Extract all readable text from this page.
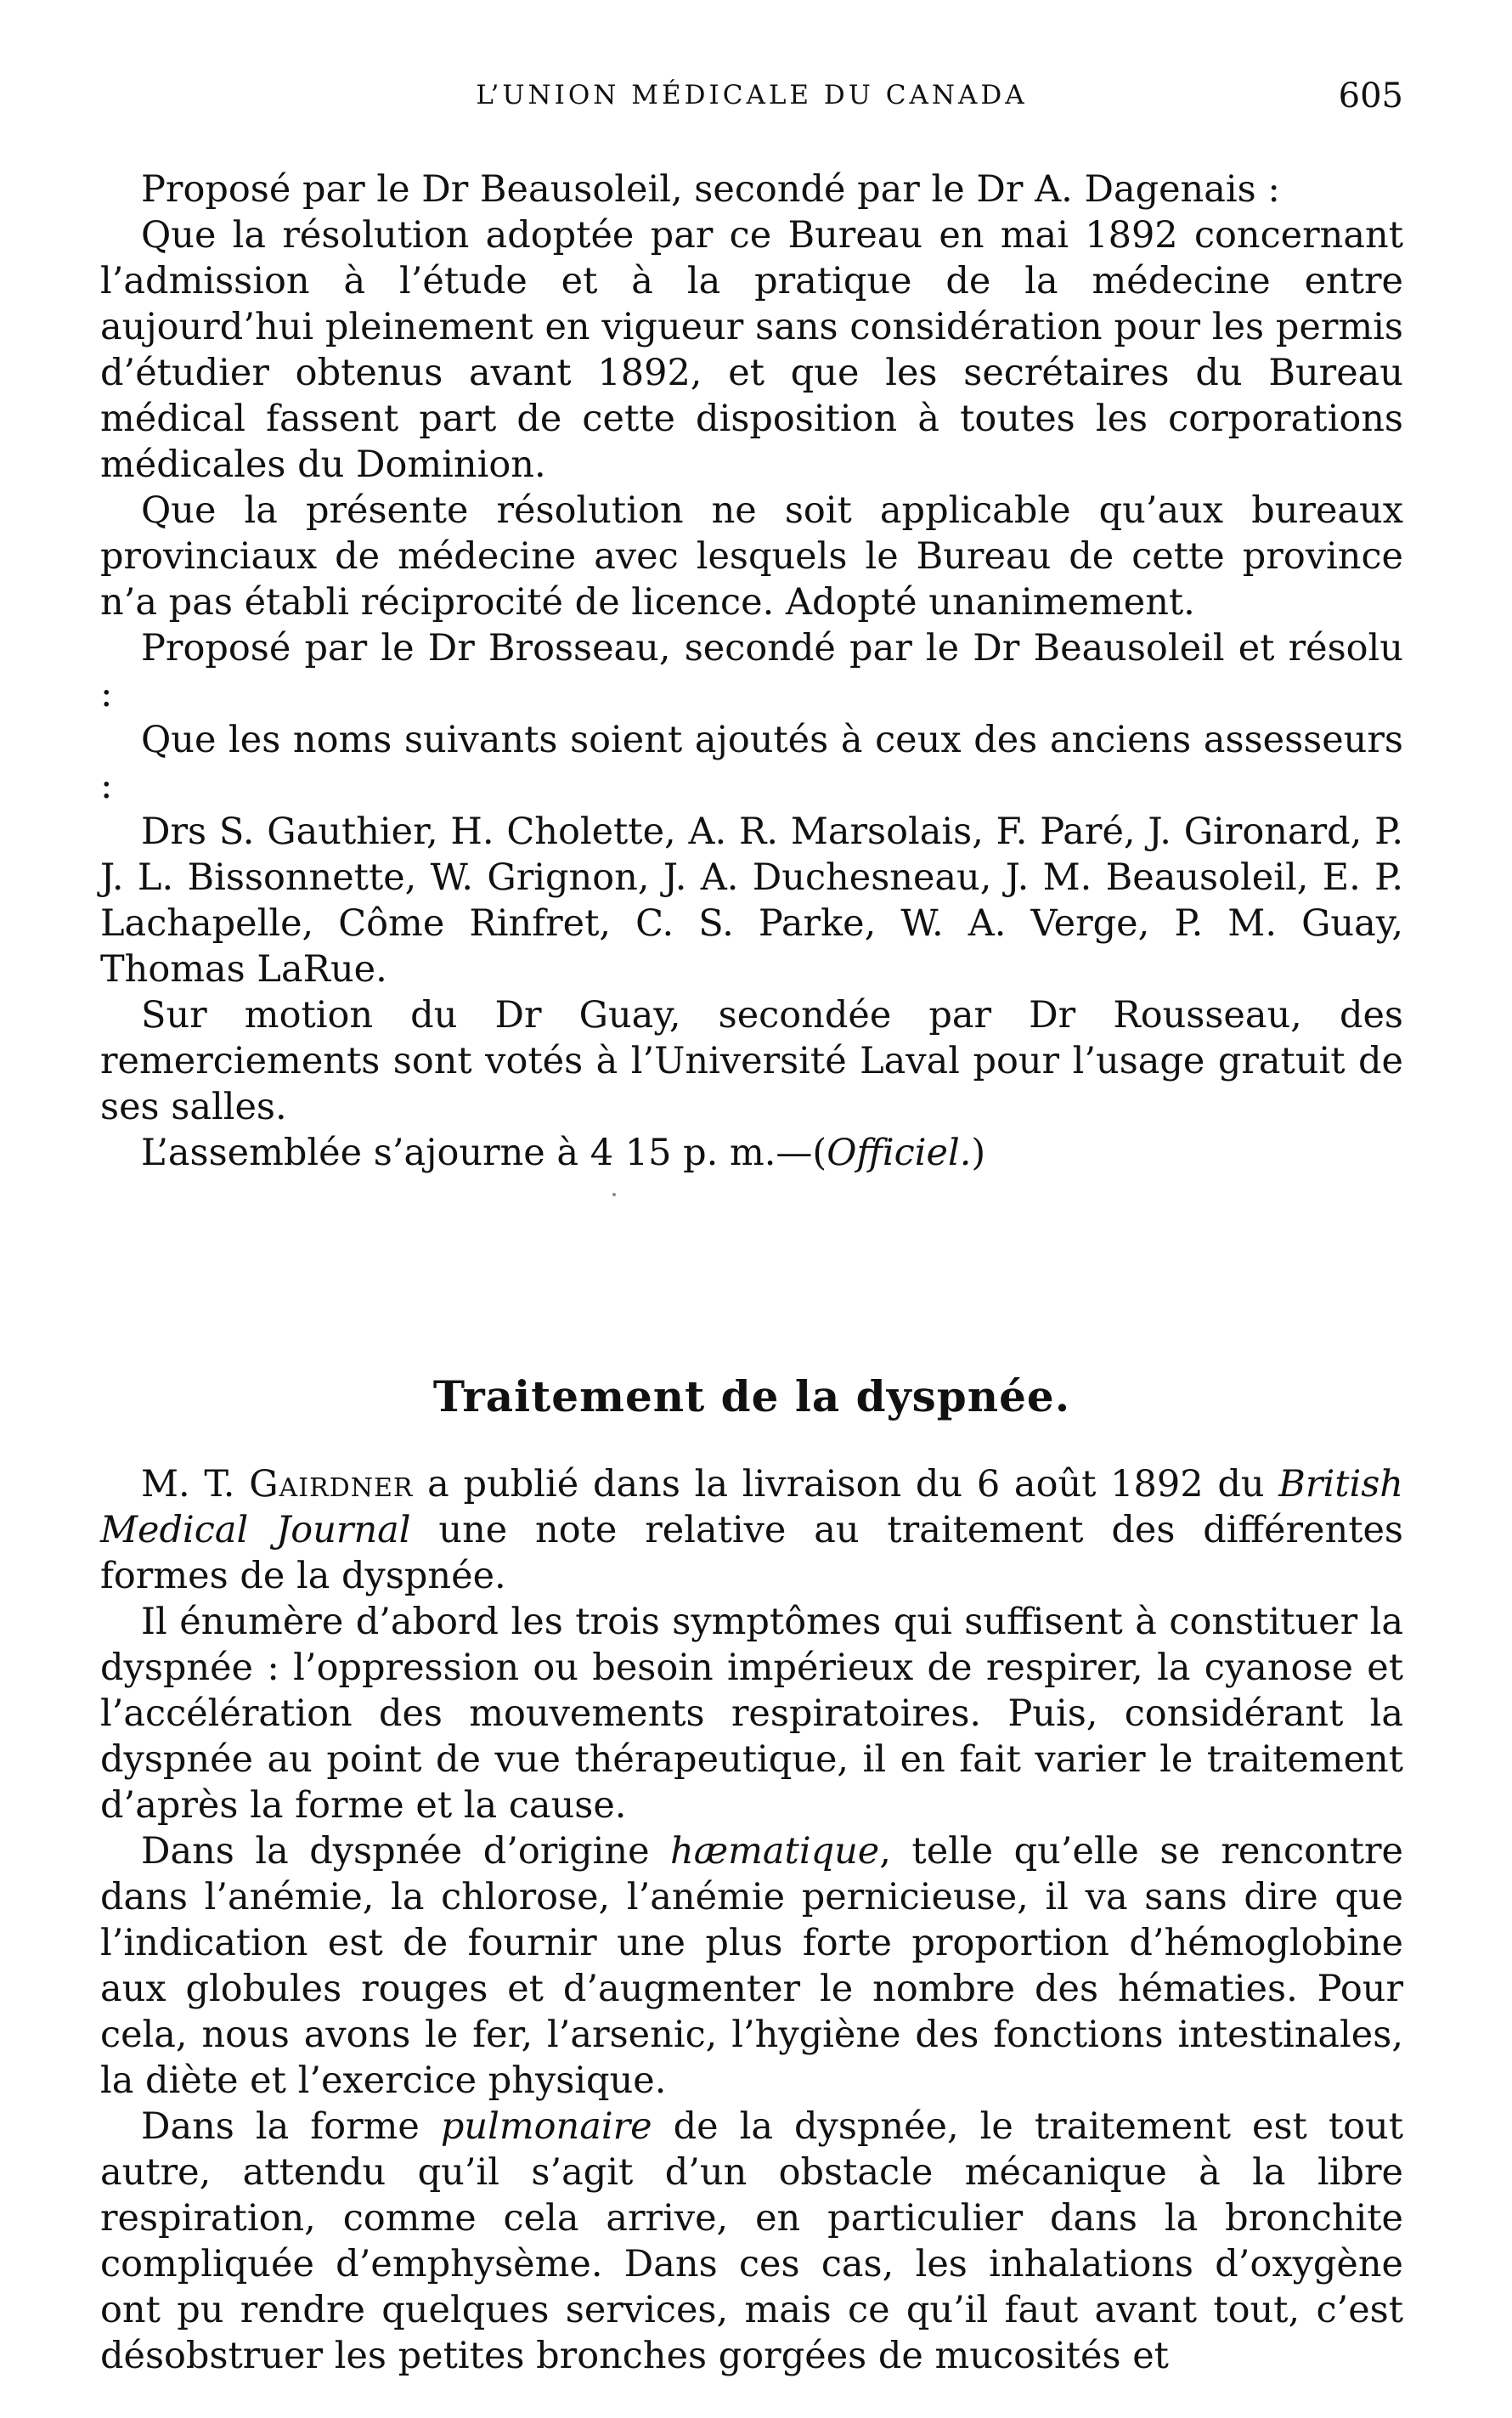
L’UNION MÉDICALE DU CANADA	605

Proposé par le Dr Beausoleil, secondé par le Dr A. Dagenais :

Que la résolution adoptée par ce Bureau en mai 1892 concernant l’admission à l’étude et à la pratique de la médecine entre aujourd’hui pleinement en vigueur sans considération pour les permis d’étudier obtenus avant 1892, et que les secrétaires du Bureau médical fassent part de cette disposition à toutes les corporations médicales du Dominion.

Que la présente résolution ne soit applicable qu’aux bureaux provinciaux de médecine avec lesquels le Bureau de cette province n’a pas établi réciprocité de licence. Adopté unanimement.

Proposé par le Dr Brosseau, secondé par le Dr Beausoleil et résolu :

Que les noms suivants soient ajoutés à ceux des anciens assesseurs :

Drs S. Gauthier, H. Cholette, A. R. Marsolais, F. Paré, J. Gironard, P. J. L. Bissonnette, W. Grignon, J. A. Duchesneau, J. M. Beausoleil, E. P. Lachapelle, Côme Rinfret, C. S. Parke, W. A. Verge, P. M. Guay, Thomas LaRue.

Sur motion du Dr Guay, secondée par Dr Rousseau, des remerciements sont votés à l’Université Laval pour l’usage gratuit de ses salles.

L’assemblée s’ajourne à 4 15 p. m.—(Officiel.)

Traitement de la dyspnée.

M. T. Gairdner a publié dans la livraison du 6 août 1892 du British Medical Journal une note relative au traitement des différentes formes de la dyspnée.

Il énumère d’abord les trois symptômes qui suffisent à constituer la dyspnée : l’oppression ou besoin impérieux de respirer, la cyanose et l’accélération des mouvements respiratoires. Puis, considérant la dyspnée au point de vue thérapeutique, il en fait varier le traitement d’après la forme et la cause.

Dans la dyspnée d’origine hæmatique, telle qu’elle se rencontre dans l’anémie, la chlorose, l’anémie pernicieuse, il va sans dire que l’indication est de fournir une plus forte proportion d’hémoglobine aux globules rouges et d’augmenter le nombre des hématies. Pour cela, nous avons le fer, l’arsenic, l’hygiène des fonctions intestinales, la diète et l’exercice physique.

Dans la forme pulmonaire de la dyspnée, le traitement est tout autre, attendu qu’il s’agit d’un obstacle mécanique à la libre respiration, comme cela arrive, en particulier dans la bronchite compliquée d’emphysème. Dans ces cas, les inhalations d’oxygène ont pu rendre quelques services, mais ce qu’il faut avant tout, c’est désobstruer les petites bronches gorgées de mucosités et
